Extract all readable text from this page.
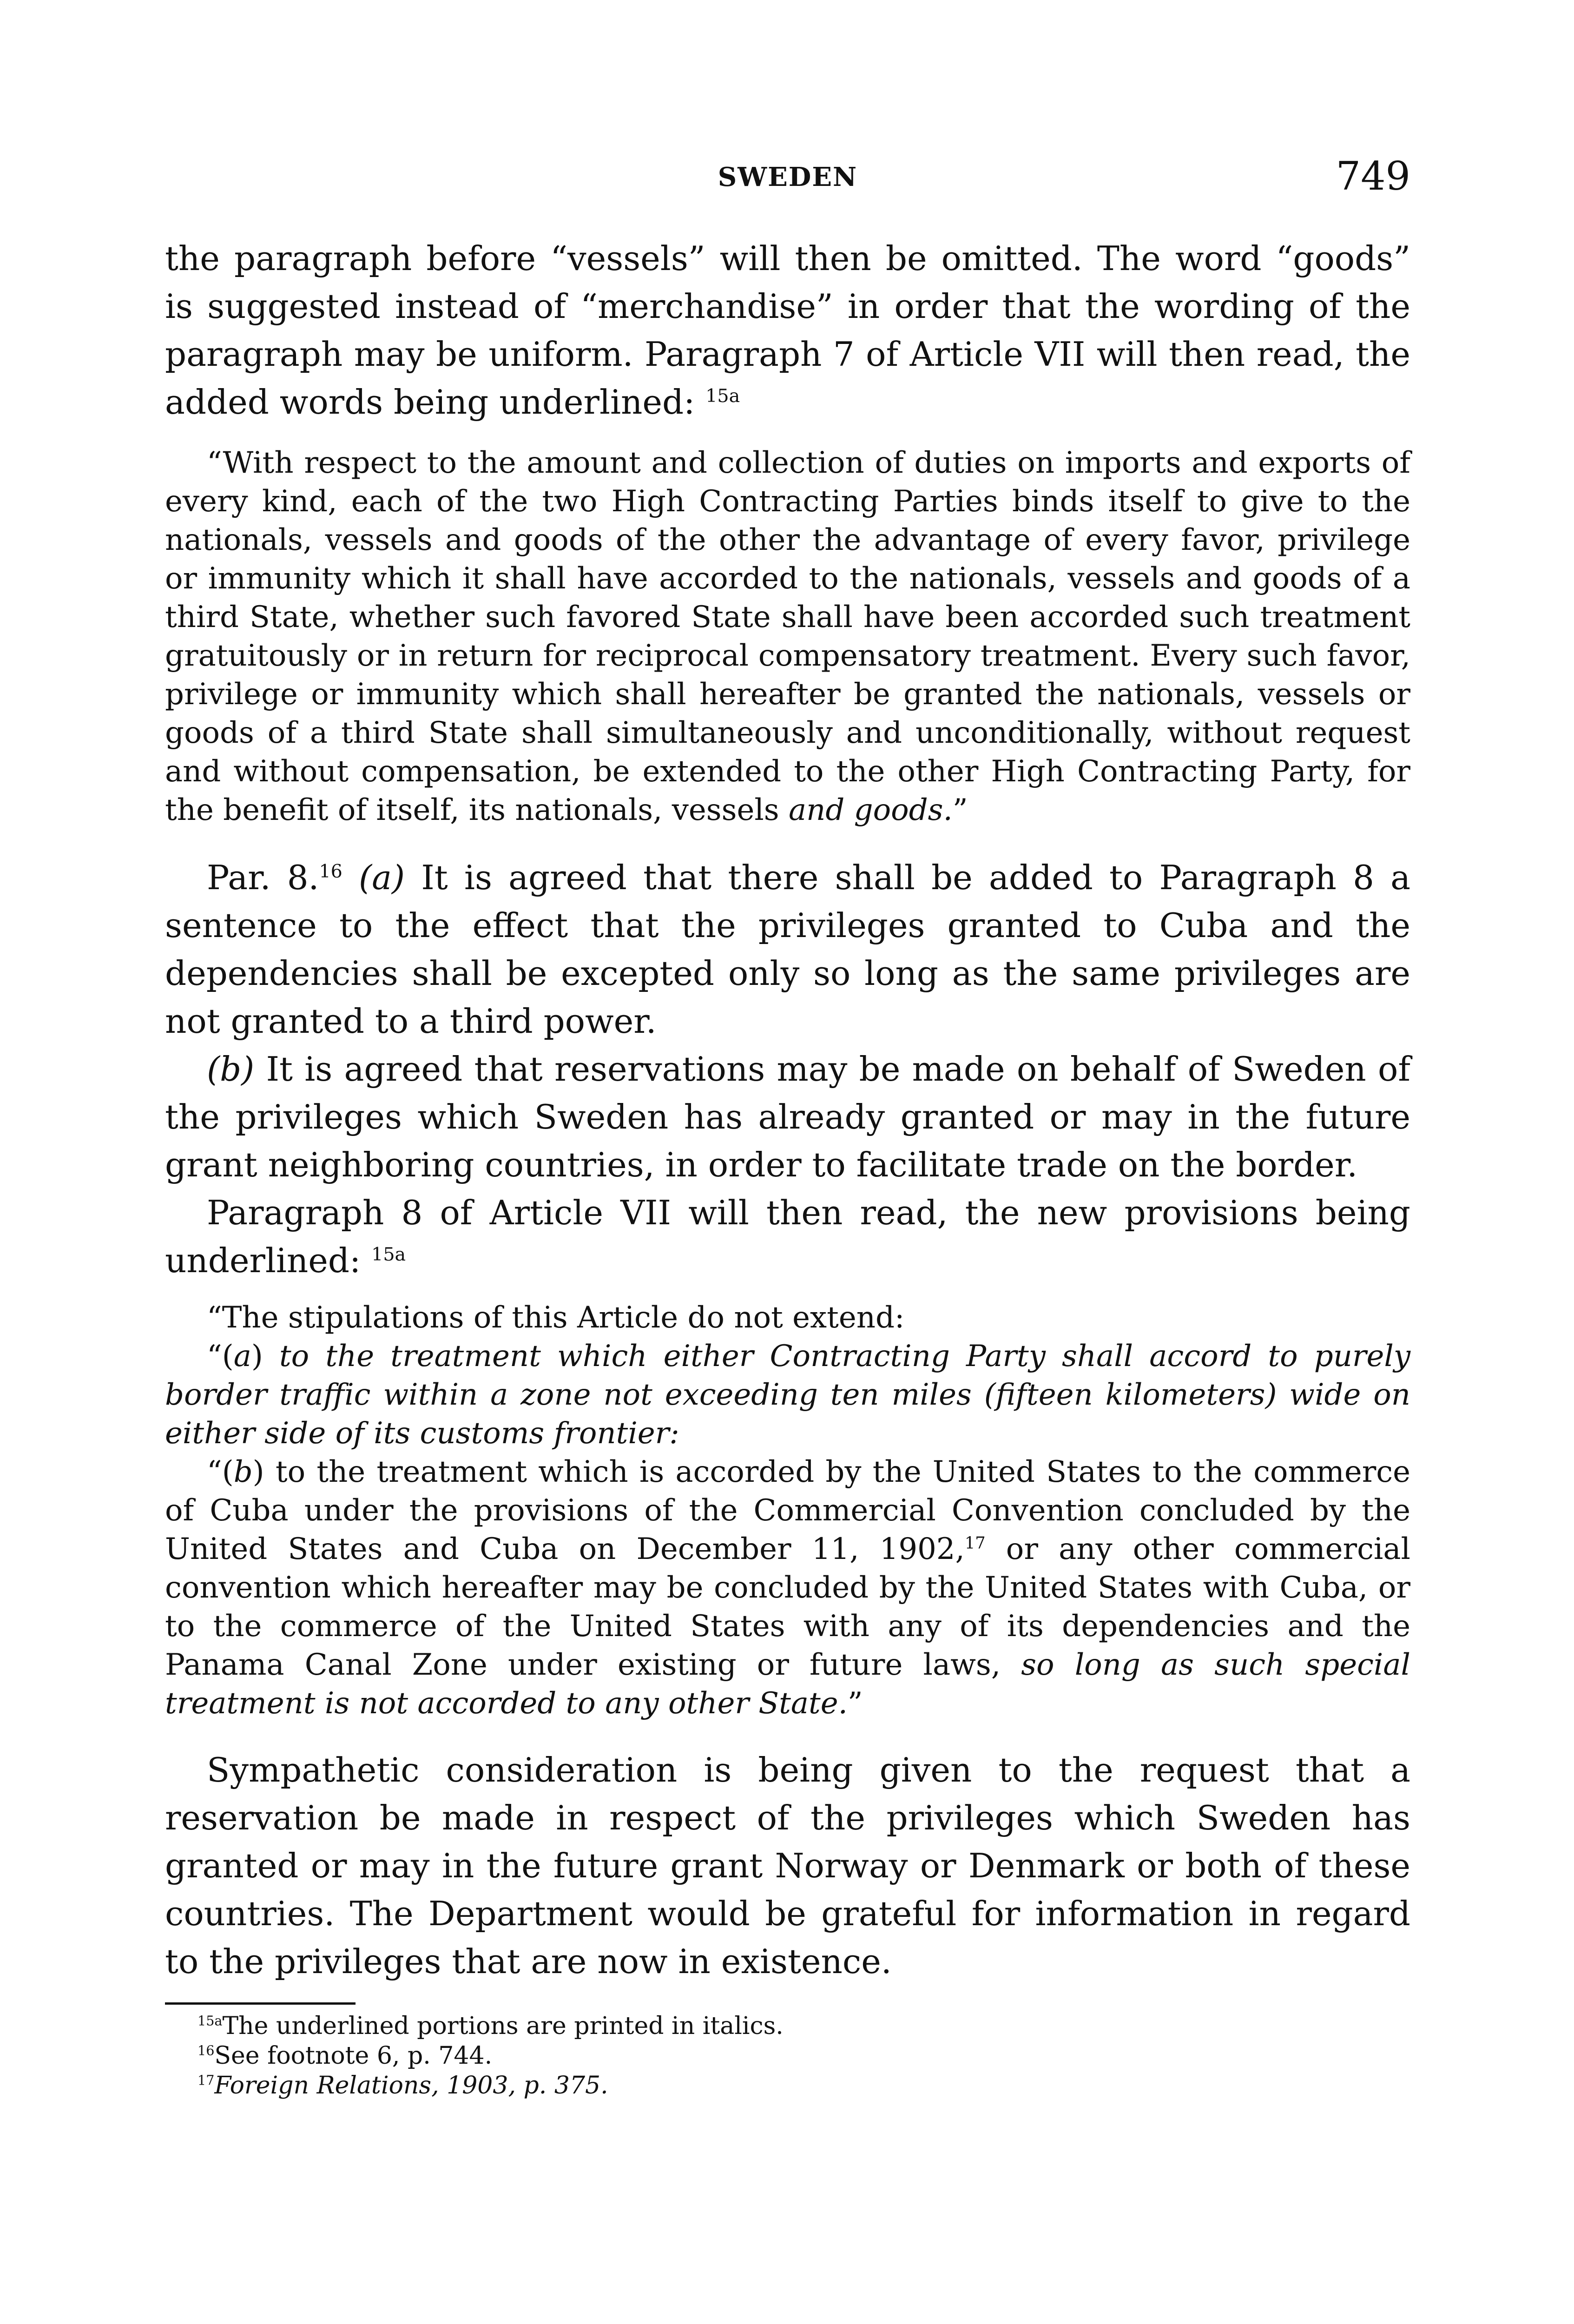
SWEDEN	749

the paragraph before “vessels” will then be omitted. The word “goods” is suggested instead of “merchandise” in order that the wording of the paragraph may be uniform. Paragraph 7 of Article VII will then read, the added words being underlined: $^{15a}$

“With respect to the amount and collection of duties on imports and exports of every kind, each of the two High Contracting Parties binds itself to give to the nationals, vessels and goods of the other the advantage of every favor, privilege or immunity which it shall have accorded to the nationals, vessels and goods of a third State, whether such favored State shall have been accorded such treatment gratuitously or in return for reciprocal compensatory treatment. Every such favor, privilege or immunity which shall hereafter be granted the nationals, vessels or goods of a third State shall simultaneously and unconditionally, without request and without compensation, be extended to the other High Contracting Party, for the benefit of itself, its nationals, vessels and goods.”

Par. 8.16 (a) It is agreed that there shall be added to Paragraph 8 a sentence to the effect that the privileges granted to Cuba and the dependencies shall be excepted only so long as the same privileges are not granted to a third power.

(b) It is agreed that reservations may be made on behalf of Sweden of the privileges which Sweden has already granted or may in the future grant neighboring countries, in order to facilitate trade on the border.

Paragraph 8 of Article VII will then read, the new provisions being underlined: $^{15a}$

“The stipulations of this Article do not extend:

“(a) to the treatment which either Contracting Party shall accord to purely border traffic within a zone not exceeding ten miles (fifteen kilometers) wide on either side of its customs frontier:

“(b) to the treatment which is accorded by the United States to the commerce of Cuba under the provisions of the Commercial Convention concluded by the United States and Cuba on December 11, 1902,17 or any other commercial convention which hereafter may be concluded by the United States with Cuba, or to the commerce of the United States with any of its dependencies and the Panama Canal Zone under existing or future laws, so long as such special treatment is not accorded to any other State.”

Sympathetic consideration is being given to the request that a reservation be made in respect of the privileges which Sweden has granted or may in the future grant Norway or Denmark or both of these countries. The Department would be grateful for information in regard to the privileges that are now in existence.

$^{15a}$The underlined portions are printed in italics.
$^{16}$See footnote 6, p. 744.
$^{17}$Foreign Relations, 1903, p. 375.
